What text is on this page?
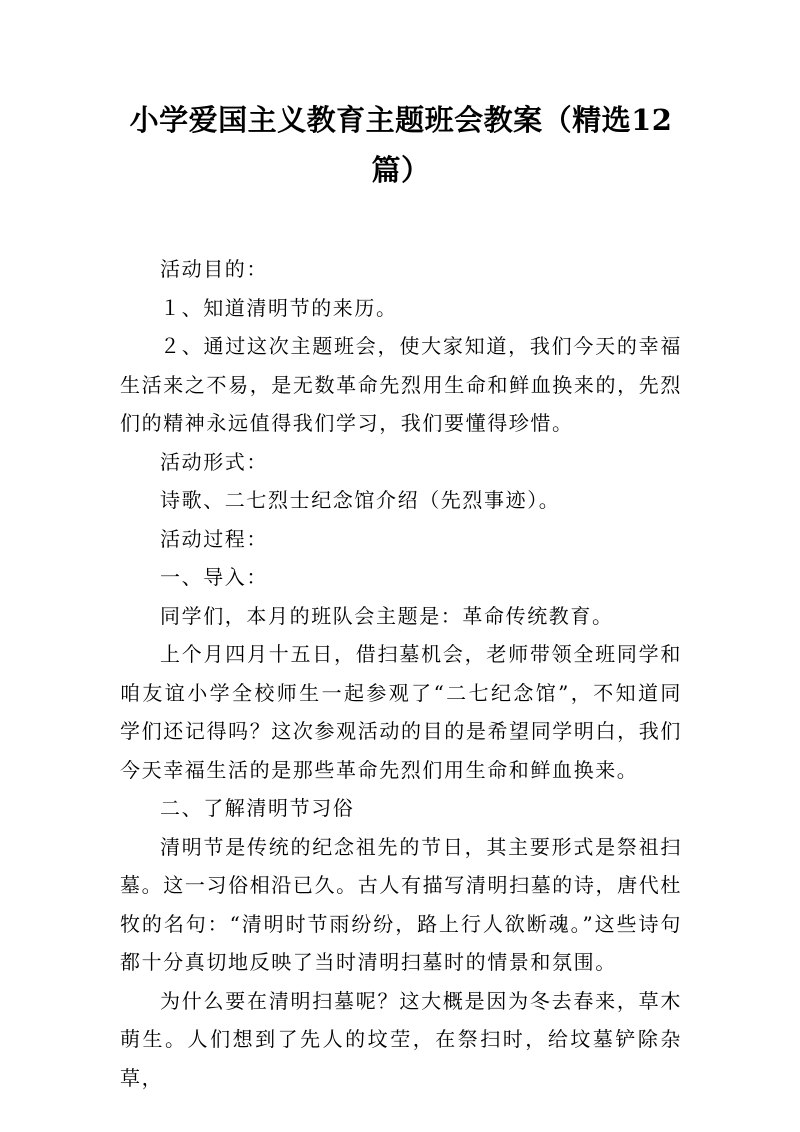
小学爱国主义教育主题班会教案（精选12篇）

活动目的：

１、知道清明节的来历。

２、通过这次主题班会，使大家知道，我们今天的幸福生活来之不易，是无数革命先烈用生命和鲜血换来的，先烈们的精神永远值得我们学习，我们要懂得珍惜。

活动形式：

诗歌、二七烈士纪念馆介绍（先烈事迹）。

活动过程：

一、导入：

同学们，本月的班队会主题是：革命传统教育。

上个月四月十五日，借扫墓机会，老师带领全班同学和咱友谊小学全校师生一起参观了“二七纪念馆”，不知道同学们还记得吗？这次参观活动的目的是希望同学明白，我们今天幸福生活的是那些革命先烈们用生命和鲜血换来。

二、了解清明节习俗

清明节是传统的纪念祖先的节日，其主要形式是祭祖扫墓。这一习俗相沿已久。古人有描写清明扫墓的诗，唐代杜牧的名句：“清明时节雨纷纷，路上行人欲断魂。”这些诗句都十分真切地反映了当时清明扫墓时的情景和氛围。

为什么要在清明扫墓呢？这大概是因为冬去春来，草木萌生。人们想到了先人的坟茔，在祭扫时，给坟墓铲除杂草，
